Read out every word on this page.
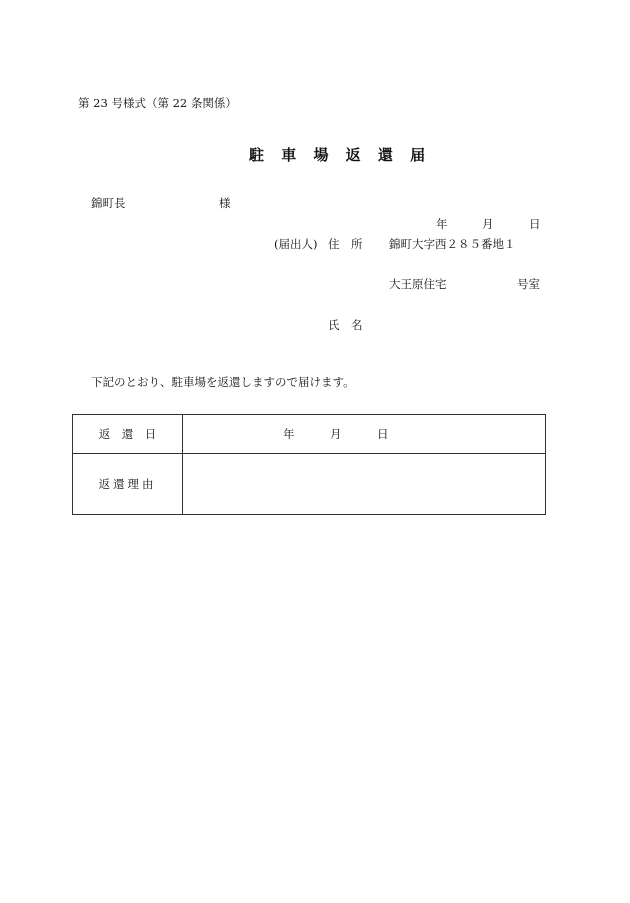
第 23 号様式（第 22 条関係）
駐 車 場 返 還 届
錦町長	様
年	月	日
(届出人) 住　所 錦町大字西２８５番地１
大王原住宅	号室
氏　名
下記のとおり、駐車場を返還しますので届けます。
返　還　日	年 月 日

返還理由	
